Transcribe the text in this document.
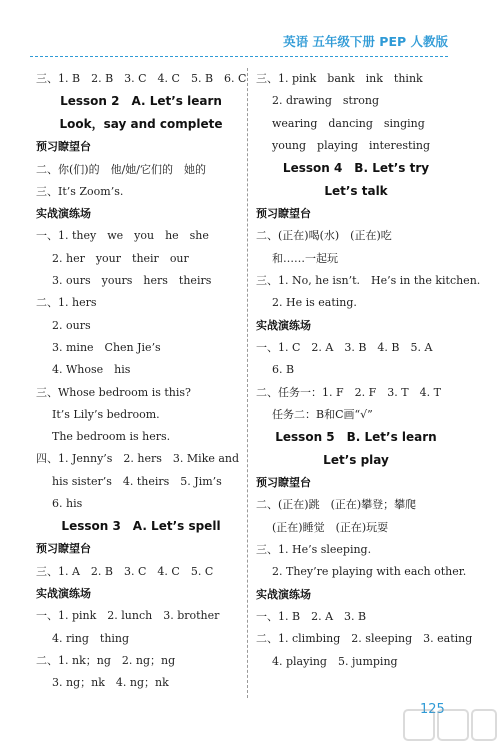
英语 五年级下册 PEP 人教版
三、1. B　2. B　3. C　4. C　5. B　6. C
Lesson 2　A. Let’s learn
Look，say and complete
预习瞭望台
二、你(们)的　他/她/它们的　她的
三、It’s Zoom’s.
实战演练场
一、1. they　we　you　he　she
2. her　your　their　our
3. ours　yours　hers　theirs
二、1. hers
2. ours
3. mine　Chen Jie’s
4. Whose　his
三、Whose bedroom is this?
It’s Lily’s bedroom.
The bedroom is hers.
四、1. Jenny’s　2. hers　3. Mike and
his sister’s　4. theirs　5. Jim’s
6. his
Lesson 3　A. Let’s spell
预习瞭望台
三、1. A　2. B　3. C　4. C　5. C
实战演练场
一、1. pink　2. lunch　3. brother
4. ring　thing
二、1. nk；ng　2. ng；ng
3. ng；nk　4. ng；nk
三、1. pink　bank　ink　think
2. drawing　strong
wearing　dancing　singing
young　playing　interesting
Lesson 4　B. Let’s try
Let’s talk
预习瞭望台
二、(正在)喝(水)　(正在)吃
和……一起玩
三、1. No, he isn’t.　He’s in the kitchen.
2. He is eating.
实战演练场
一、1. C　2. A　3. B　4. B　5. A
6. B
二、任务一：1. F　2. F　3. T　4. T
任务二：B和C画“√”
Lesson 5　B. Let’s learn
Let’s play
预习瞭望台
二、(正在)跳　(正在)攀登；攀爬
(正在)睡觉　(正在)玩耍
三、1. He’s sleeping.
2. They’re playing with each other.
实战演练场
一、1. B　2. A　3. B
二、1. climbing　2. sleeping　3. eating
4. playing　5. jumping
125
